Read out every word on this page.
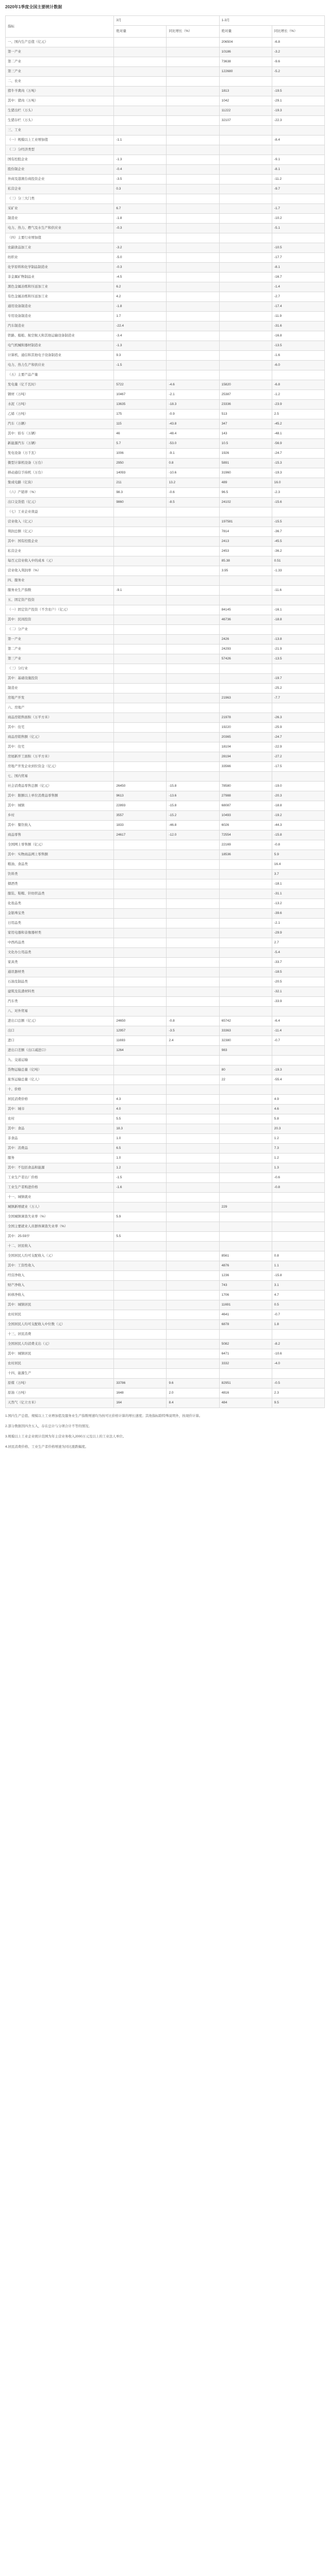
2020年1季度全国主要统计数据
指标	3月		1-3月	
	绝对量	同比增长（%）	绝对量	同比增长（%）
一、国内生产总值（亿元）			206504	-6.8
第一产业			10186	-3.2
第二产业			73638	-9.6
第三产业			122680	-5.2
二、农业				
猪牛羊禽肉（万吨）			1813	-19.5
其中：猪肉（万吨）			1042	-29.1
生猪出栏（万头）			11222	-19.3
生猪存栏（万头）			32107	-22.3
三、工业				
（一）规模以上工业增加值	-1.1			-8.4
（二）分经济类型				
国有控股企业	-1.3			-9.1
股份制企业	-0.4			-8.1
外商及港澳台商投资企业	-3.5			-11.2
私营企业	0.3			-9.7
（三）分三大门类				
采矿业	6.7			-1.7
制造业	-1.8			-10.2
电力、热力、燃气及水生产和供应业	-0.3			-5.1
（四）主要行业增加值				
农副食品加工业	-3.2			-10.5
纺织业	-5.0			-17.7
化学原料和化学制品制造业	-0.3			-8.1
非金属矿物制品业	-4.5			-16.7
黑色金属冶炼和压延加工业	6.2			-1.4
有色金属冶炼和压延加工业	4.2			-2.7
通用设备制造业	-1.8			-17.4
专用设备制造业	1.7			-11.9
汽车制造业	-22.4			-31.6
铁路、船舶、航空航天和其他运输设备制造业	-3.4			-16.8
电气机械和器材制造业	-1.3			-13.5
计算机、通信和其他电子设备制造业	9.3			-1.6
电力、热力生产和供应业	-1.5			-6.0
（五）主要产品产量				
发电量（亿千瓦时）	5722	-4.6	15820	-6.8
钢材（万吨）	10467	-2.1	25387	-1.2
水泥（万吨）	13635	-18.3	23336	-23.9
乙烯（万吨）	175	-0.9	513	2.5
汽车（万辆）	115	-43.8	347	-45.2
其中：轿车（万辆）	46	-48.4	143	-48.1
新能源汽车（万辆）	5.7	-53.0	10.5	-56.9
发电设备（万千瓦）	1006	-9.1	1926	-24.7
微型计算机设备（万台）	2950	0.8	5891	-15.3
移动通信手持机（万台）	14093	-10.6	31960	-19.3
集成电路（亿块）	211	13.2	489	16.0
（六）产销率（%）	98.3	-0.6	96.5	-2.3
出口交货值（亿元）	9860	-8.5	24102	-15.6
（七）工业企业效益				
营业收入（亿元）			197581	-15.5
利润总额（亿元）			7814	-36.7
其中：国有控股企业			2413	-45.5
私营企业			2453	-36.2
每百元营业收入中的成本（元）			85.38	0.51
营业收入利润率（%）			3.95	-1.33
四、服务业				
服务业生产指数	-9.1			-11.6
五、固定资产投资				
（一）固定资产投资（不含农户）（亿元）			84145	-16.1
其中：民间投资			46736	-18.8
（二）分产业				
第一产业			2426	-13.8
第二产业			24293	-21.9
第三产业			57426	-13.5
（三）分行业				
其中：基础设施投资				-19.7
制造业				-25.2
房地产开发			21963	-7.7
六、房地产				
商品房销售面积（万平方米）			21978	-26.3
其中：住宅			19220	-25.9
商品房销售额（亿元）			20365	-24.7
其中：住宅			18104	-22.9
房屋新开工面积（万平方米）			28194	-27.2
房地产开发企业到位资金（亿元）			33566	-17.5
七、国内贸易				
社会消费品零售总额（亿元）	26450	-15.8	78580	-19.0
其中：限额以上单位消费品零售额	9613	-13.6	27988	-20.3
其中：城镇	22893	-15.8	68087	-18.8
乡村	3557	-15.2	10493	-19.2
其中：餐饮收入	1833	-46.8	6026	-44.3
商品零售	24617	-12.0	72554	-15.8
全国网上零售额（亿元）			22169	-0.8
其中：实物商品网上零售额			18536	5.9
粮油、食品类				16.4
饮料类				3.7
烟酒类				-18.1
服装、鞋帽、针纺织品类				-31.1
化妆品类				-13.2
金银珠宝类				-39.6
日用品类				-2.1
家用电器和音像器材类				-29.9
中西药品类				2.7
文化办公用品类				-5.4
家具类				-33.7
通讯器材类				-18.5
石油及制品类				-20.5
建筑及装潢材料类				-32.1
汽车类				-33.9
八、对外贸易				
进出口总额（亿元）	24650	-0.8	65742	-6.4
出口	12957	-3.5	33363	-11.4
进口	11693	2.4	32380	-0.7
进出口差额（出口减进口）	1264		983	
九、交通运输				
货物运输总量（亿吨）			80	-19.3
旅客运输总量（亿人）			22	-55.4
十、价格				
居民消费价格	4.3			4.9
其中：城市	4.0			4.6
农村	5.5			5.8
其中：食品	18.3			20.3
非食品	1.0			1.2
其中：消费品	6.5			7.3
服务	1.0			1.2
其中：不包括食品和能源	1.2			1.3
工业生产者出厂价格	-1.5			-0.6
工业生产者购进价格	-1.6			-0.8
十一、城镇就业				
城镇新增就业（万人）			229	
全国城镇调查失业率（%）	5.9			
全国主要就业人员群体调查失业率（%）				
其中：25-59岁	5.5			
十二、居民收入				
全国居民人均可支配收入（元）			8561	0.8
其中：工资性收入			4876	1.1
经营净收入			1236	-15.8
财产净收入			743	3.1
转移净收入			1706	4.7
其中：城镇居民			11691	0.5
农村居民			4641	-0.7
全国居民人均可支配收入中位数（元）			6878	1.8
十三、居民消费				
全国居民人均消费支出（元）			5082	-8.2
其中：城镇居民			6471	-10.6
农村居民			3332	-4.0
十四、能源生产				
原煤（万吨）	33786	9.6	82951	-0.5
原油（万吨）	1648	2.0	4816	2.3
天然气（亿立方米）	164	8.4	484	9.5

1.国内生产总值、规模以上工业增加值及服务业生产指数增速均为按可比价格计算的增长速度；其他指标除特殊说明外，按现价计算。

2.部分数据因四舍五入，存在总计与分项合计不等的情况。

3.规模以上工业企业统计范围为年主营业务收入2000万元及以上的工业法人单位。

4.居民消费价格、工业生产者价格增速为同比涨跌幅度。
